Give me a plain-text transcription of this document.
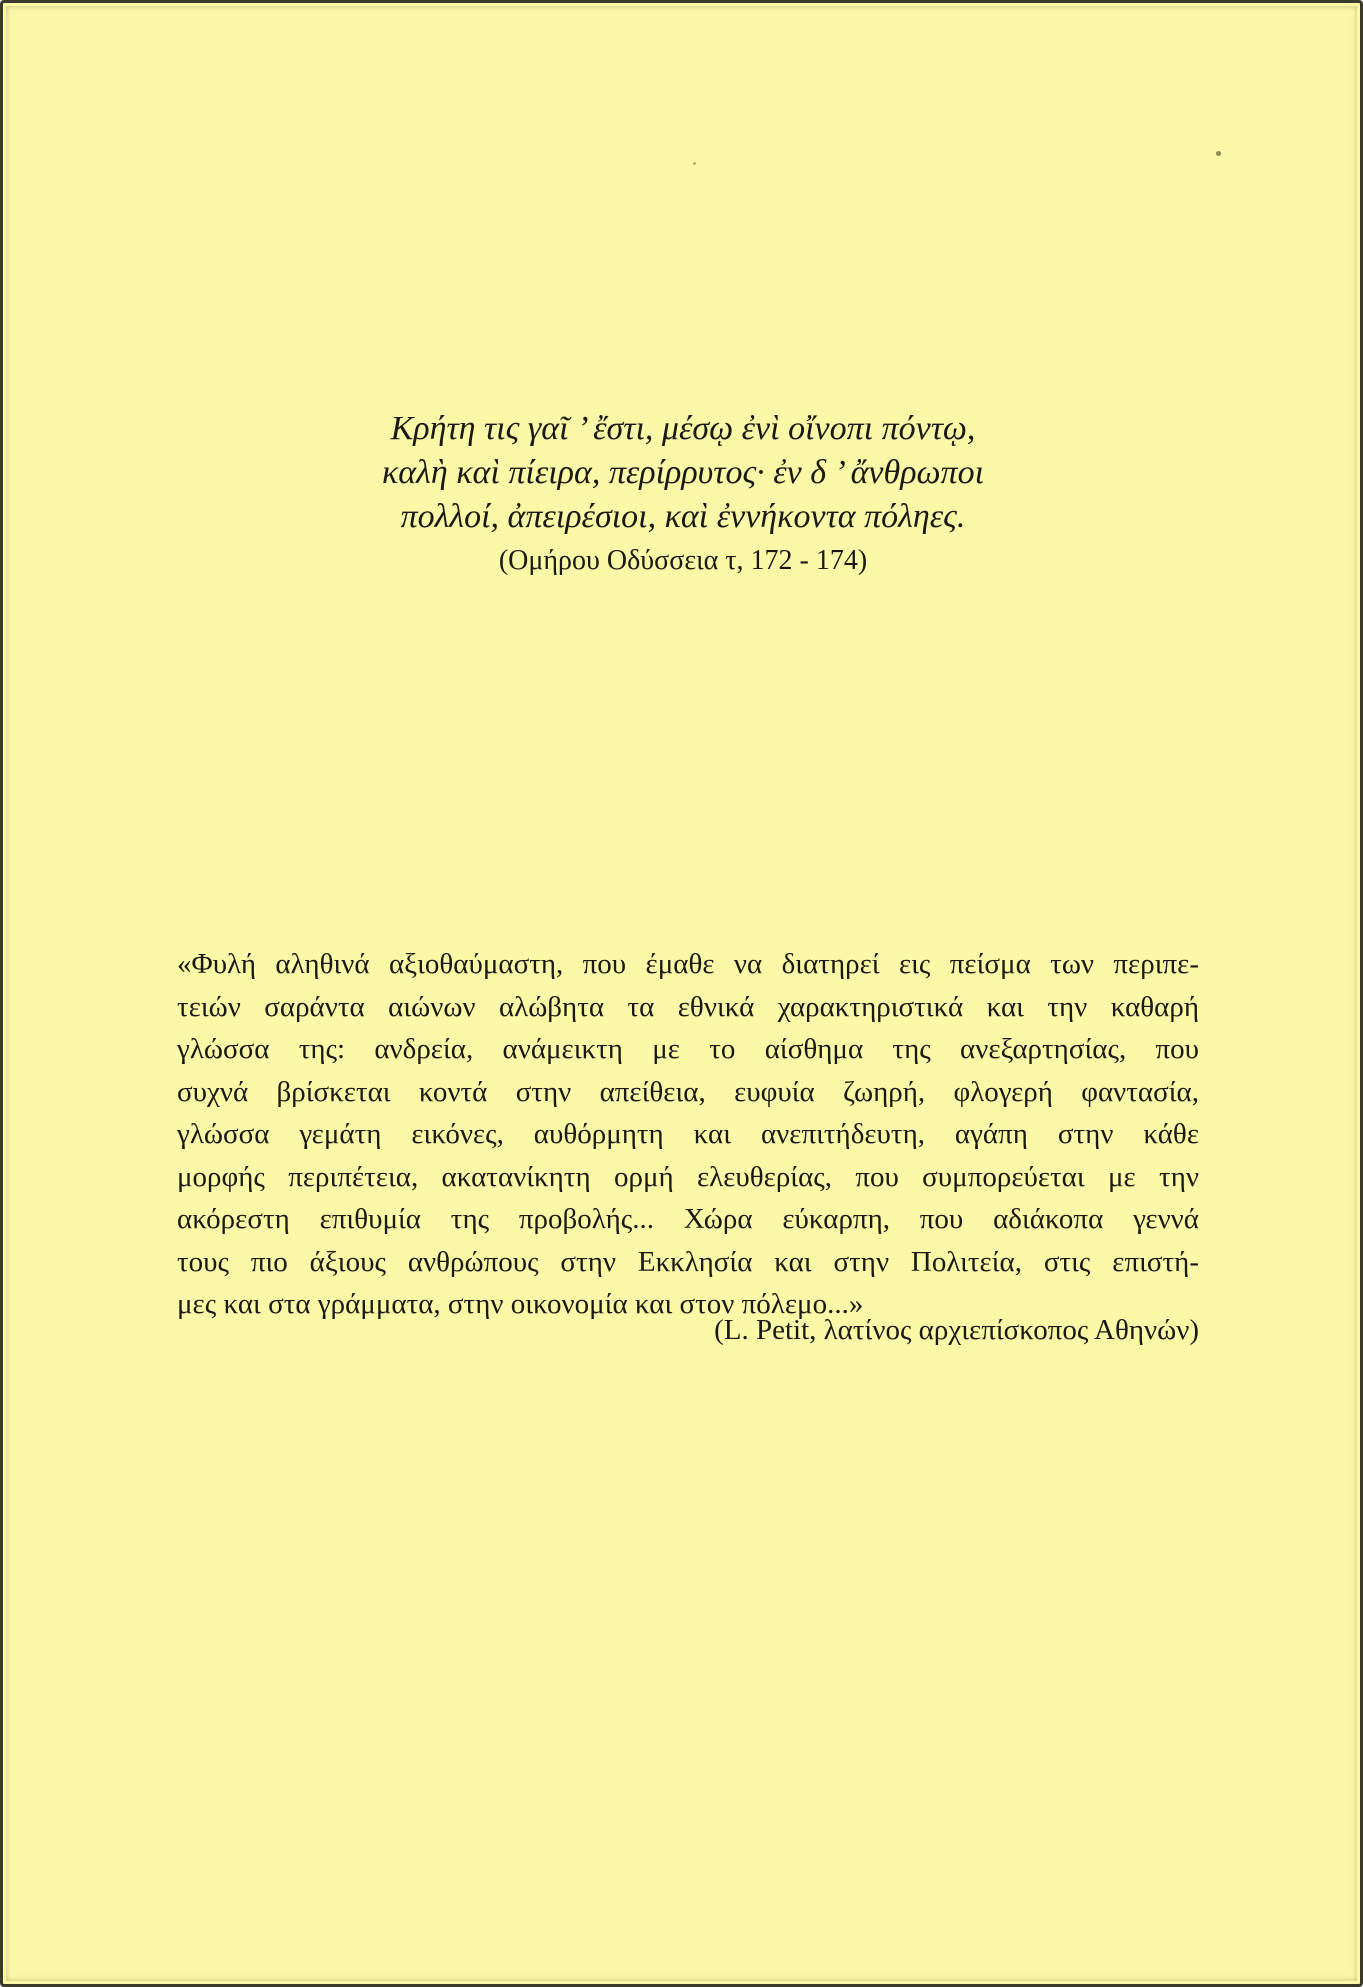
Κρήτη τις γαῖ ’ ἔστι, μέσῳ ἐνὶ οἴνοπι πόντῳ,

καλὴ καὶ πίειρα, περίρρυτος· ἐν δ ’ ἄνθρωποι

πολλοί, ἀπειρέσιοι, καὶ ἐννήκοντα πόληες.

(Ομήρου Οδύσσεια τ, 172 - 174)

«Φυλή αληθινά αξιοθαύμαστη, που έμαθε να διατηρεί εις πείσμα των περιπε-
τειών σαράντα αιώνων αλώβητα τα εθνικά χαρακτηριστικά και την καθαρή
γλώσσα της: ανδρεία, ανάμεικτη με το αίσθημα της ανεξαρτησίας, που
συχνά βρίσκεται κοντά στην απείθεια, ευφυία ζωηρή, φλογερή φαντασία,
γλώσσα γεμάτη εικόνες, αυθόρμητη και ανεπιτήδευτη, αγάπη στην κάθε
μορφής περιπέτεια, ακατανίκητη ορμή ελευθερίας, που συμπορεύεται με την
ακόρεστη επιθυμία της προβολής... Χώρα εύκαρπη, που αδιάκοπα γεννά
τους πιο άξιους ανθρώπους στην Εκκλησία και στην Πολιτεία, στις επιστή-
μες και στα γράμματα, στην οικονομία και στον πόλεμο...»
(L. Petit, λατίνος αρχιεπίσκοπος Αθηνών)
